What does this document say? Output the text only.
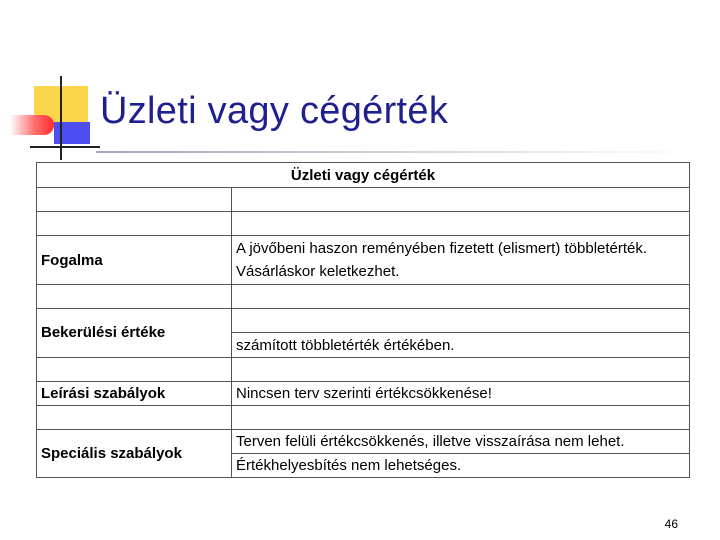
Üzleti vagy cégérték
Üzleti vagy cégérték	

Fogalma	A jövőbeni haszon reményében fizetett (elismert) többletérték.
Vásárláskor keletkezhet.

Bekerülési értéke	
	számított többletérték értékében.

Leírási szabályok	Nincsen terv szerinti értékcsökkenése!

Speciális szabályok	Terven felüli értékcsökkenés, illetve visszaírása nem lehet.
	Értékhelyesbítés nem lehetséges.
46
